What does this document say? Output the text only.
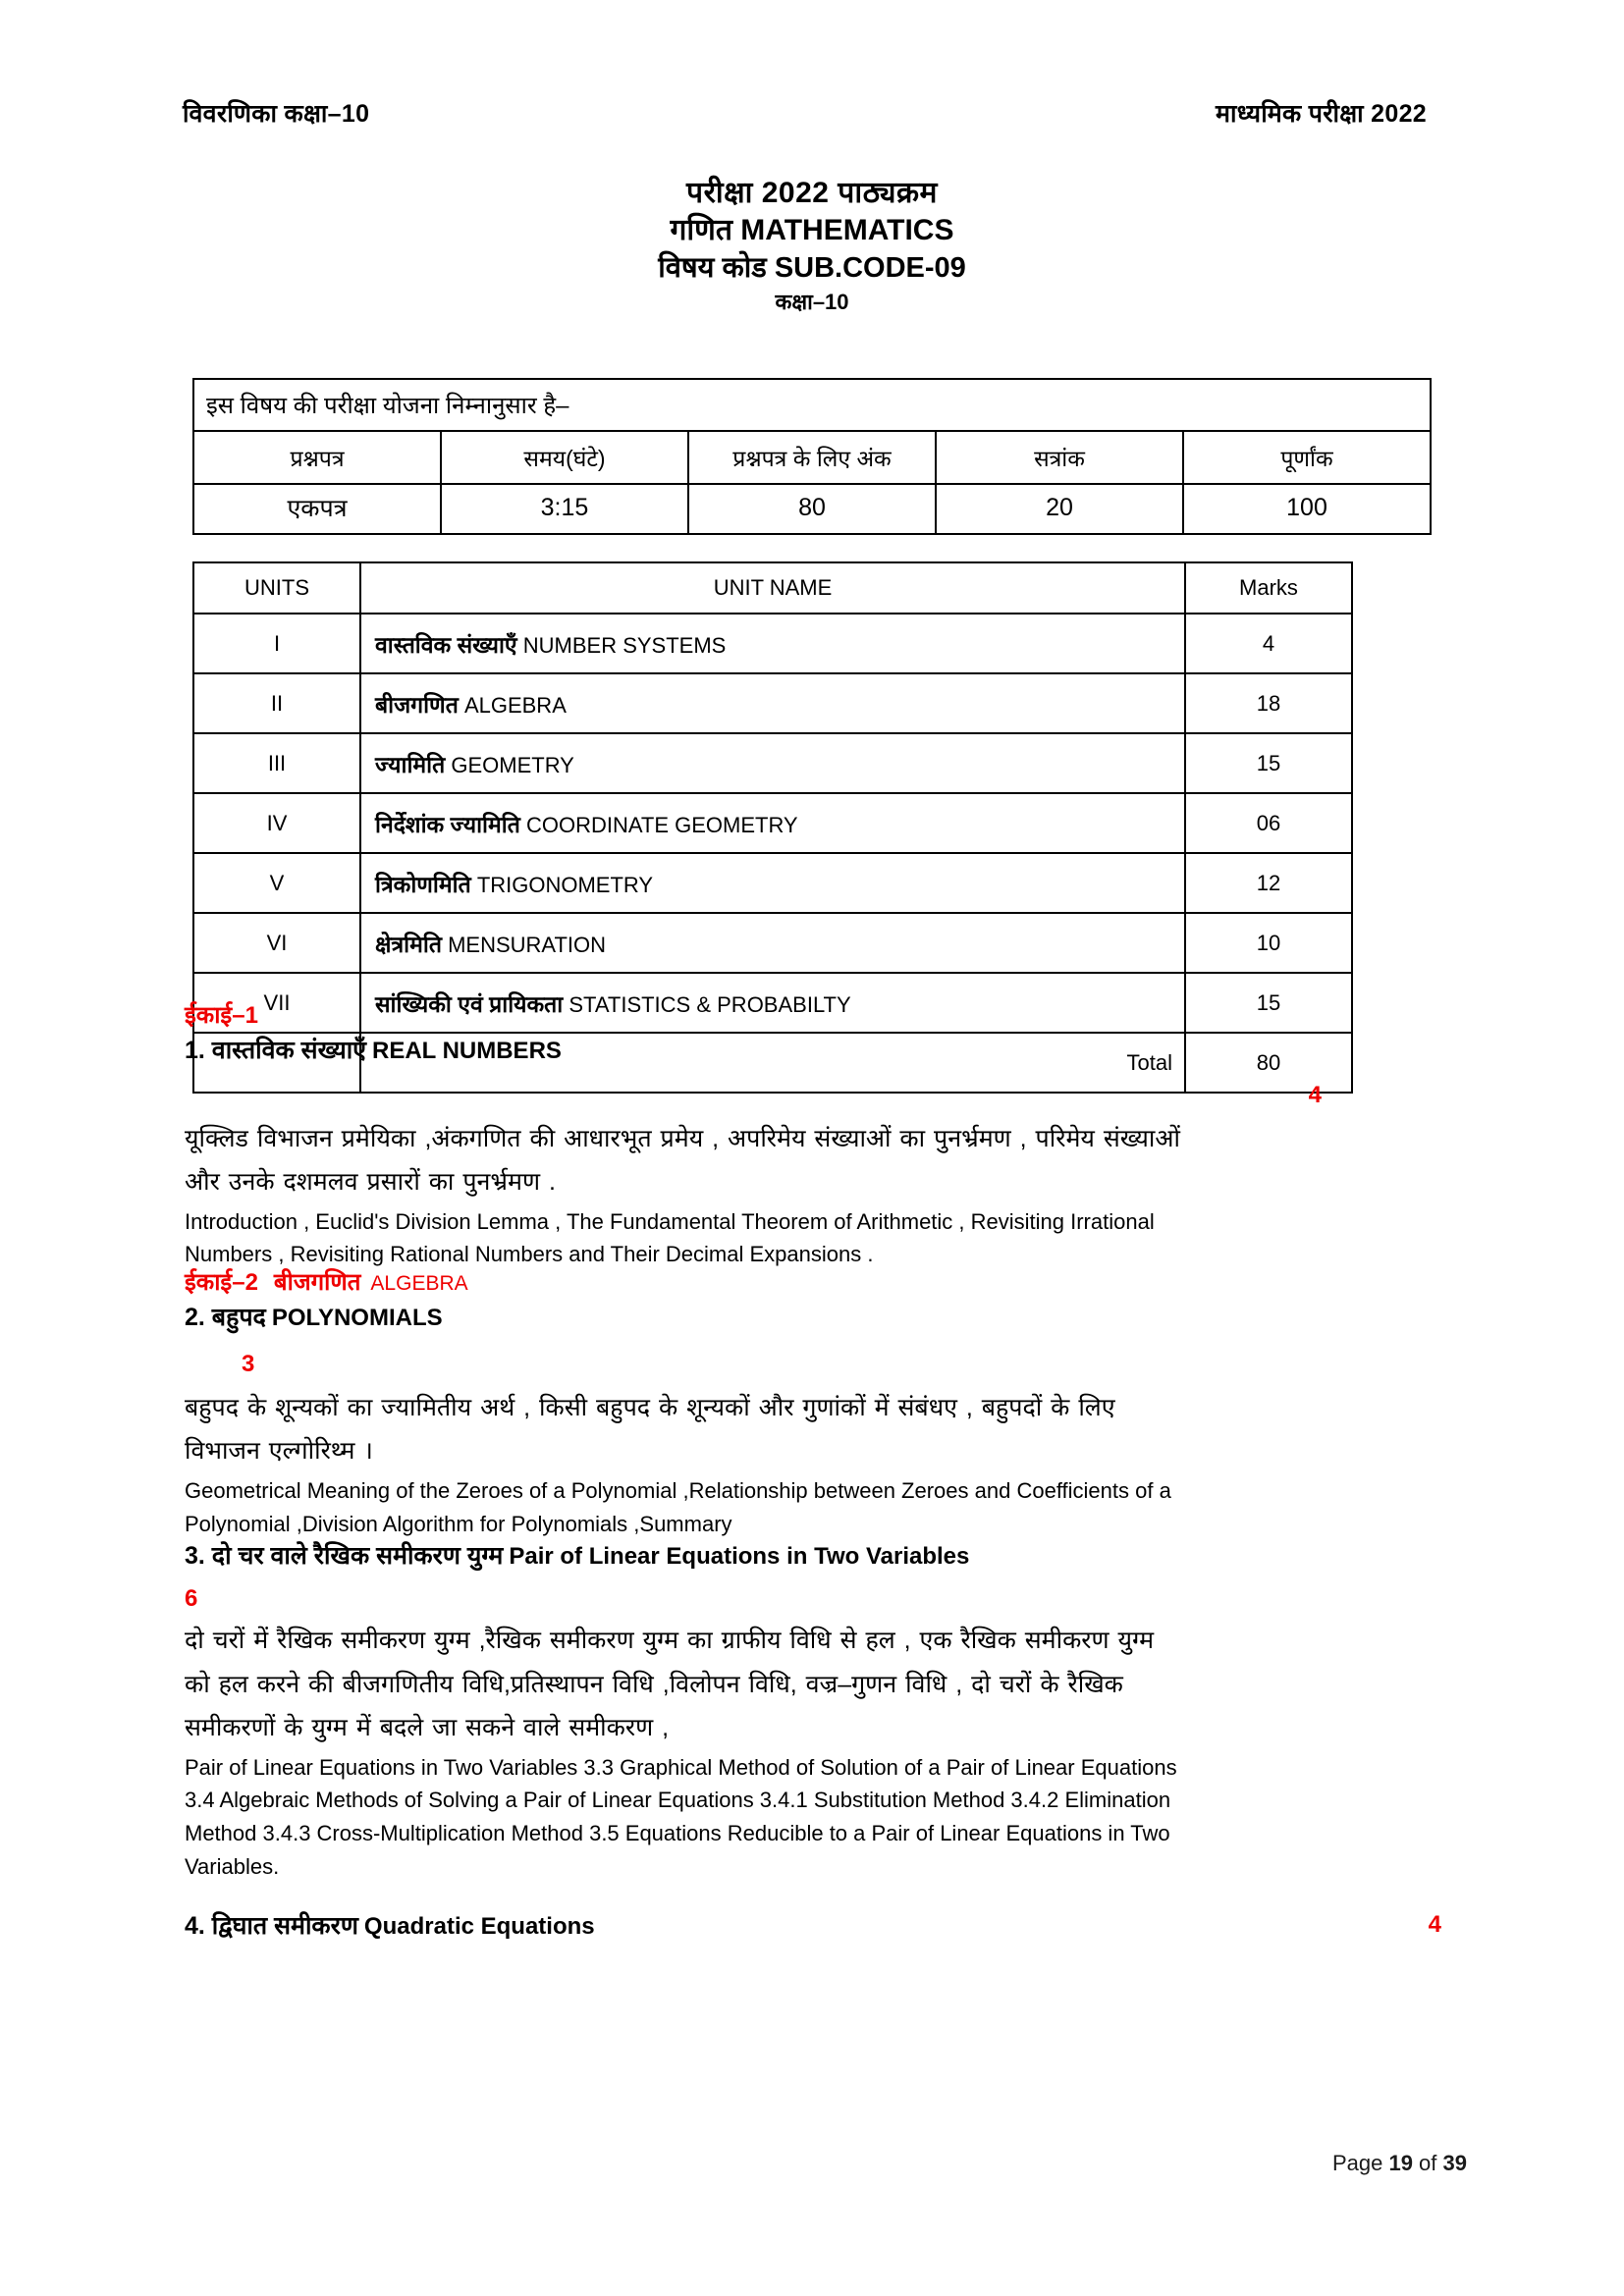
विवरणिका कक्षा–10	माध्यमिक परीक्षा 2022
परीक्षा 2022 पाठ्यक्रम
गणित MATHEMATICS
विषय कोड SUB.CODE-09
कक्षा–10
इस विषय की परीक्षा योजना निम्नानुसार है–				
प्रश्नपत्र	समय(घंटे)	प्रश्नपत्र के लिए अंक	सत्रांक	पूर्णांक
एकपत्र	3:15	80	20	100
UNITS	UNIT NAME	Marks
I	वास्तविक संख्याएँ NUMBER SYSTEMS	4
II	बीजगणित ALGEBRA	18
III	ज्यामिति GEOMETRY	15
IV	निर्देशांक ज्यामिति COORDINATE GEOMETRY	06
V	त्रिकोणमिति TRIGONOMETRY	12
VI	क्षेत्रमिति MENSURATION	10
VII	सांख्यिकी एवं प्रायिकता STATISTICS & PROBABILTY	15
	Total	80
ईकाई–1
1. वास्तविक संख्याएँ REAL NUMBERS
4

यूक्लिड विभाजन प्रमेयिका ,अंकगणित की आधारभूत प्रमेय , अपरिमेय संख्याओं का पुनर्भ्रमण , परिमेय संख्याओं

और उनके दशमलव प्रसारों का पुनर्भ्रमण .

Introduction , Euclid's Division Lemma , The Fundamental Theorem of Arithmetic , Revisiting Irrational

Numbers , Revisiting Rational Numbers and Their Decimal Expansions .

ईकाई–2 बीजगणित ALGEBRA
2. बहुपद POLYNOMIALS
3

बहुपद के शून्यकों का ज्यामितीय अर्थ , किसी बहुपद के शून्यकों और गुणांकों में संबंधए , बहुपदों के लिए

विभाजन एल्गोरिथ्म ।

Geometrical Meaning of the Zeroes of a Polynomial ,Relationship between Zeroes and Coefficients of a

Polynomial ,Division Algorithm for Polynomials ,Summary

3. दो चर वाले रैखिक समीकरण युग्म Pair of Linear Equations in Two Variables
6

दो चरों में रैखिक समीकरण युग्म ,रैखिक समीकरण युग्म का ग्राफीय विधि से हल , एक रैखिक समीकरण युग्म

को हल करने की बीजगणितीय विधि,प्रतिस्थापन विधि ,विलोपन विधि, वज्र–गुणन विधि , दो चरों के रैखिक

समीकरणों के युग्म में बदले जा सकने वाले समीकरण ,

Pair of Linear Equations in Two Variables 3.3 Graphical Method of Solution of a Pair of Linear Equations

3.4 Algebraic Methods of Solving a Pair of Linear Equations 3.4.1 Substitution Method 3.4.2 Elimination

Method 3.4.3 Cross-Multiplication Method 3.5 Equations Reducible to a Pair of Linear Equations in Two

Variables.

4. द्विघात समीकरण Quadratic Equations	4
Page 19 of 39
